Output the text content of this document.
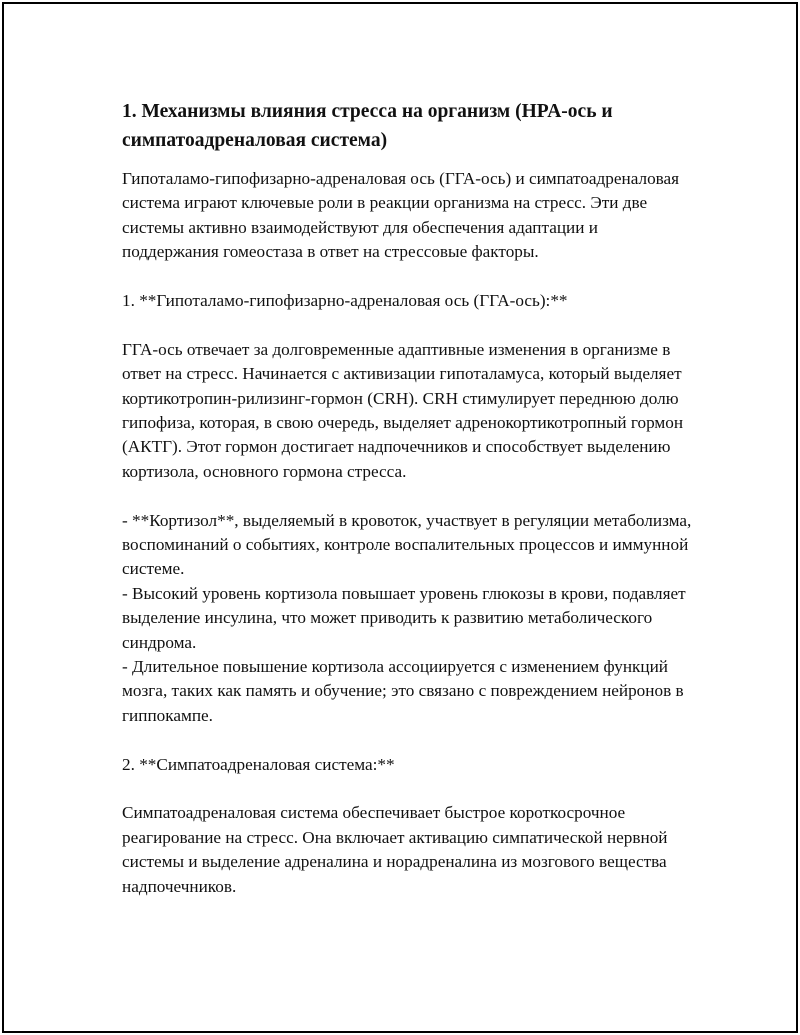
1. Механизмы влияния стресса на организм (HPA-ось и симпатоадреналовая система)

Гипоталамо-гипофизарно-адреналовая ось (ГГА-ось) и симпатоадреналовая система играют ключевые роли в реакции организма на стресс. Эти две системы активно взаимодействуют для обеспечения адаптации и поддержания гомеостаза в ответ на стрессовые факторы.

1. **Гипоталамо-гипофизарно-адреналовая ось (ГГА-ось):**

ГГА-ось отвечает за долговременные адаптивные изменения в организме в ответ на стресс. Начинается с активизации гипоталамуса, который выделяет кортикотропин-рилизинг-гормон (CRH). CRH стимулирует переднюю долю гипофиза, которая, в свою очередь, выделяет адренокортикотропный гормон (АКТГ). Этот гормон достигает надпочечников и способствует выделению кортизола, основного гормона стресса.

- **Кортизол**, выделяемый в кровоток, участвует в регуляции метаболизма, воспоминаний о событиях, контроле воспалительных процессов и иммунной системе.

- Высокий уровень кортизола повышает уровень глюкозы в крови, подавляет выделение инсулина, что может приводить к развитию метаболического синдрома.

- Длительное повышение кортизола ассоциируется с изменением функций мозга, таких как память и обучение; это связано с повреждением нейронов в гиппокампе.

2. **Симпатоадреналовая система:**

Симпатоадреналовая система обеспечивает быстрое короткосрочное реагирование на стресс. Она включает активацию симпатической нервной системы и выделение адреналина и норадреналина из мозгового вещества надпочечников.
